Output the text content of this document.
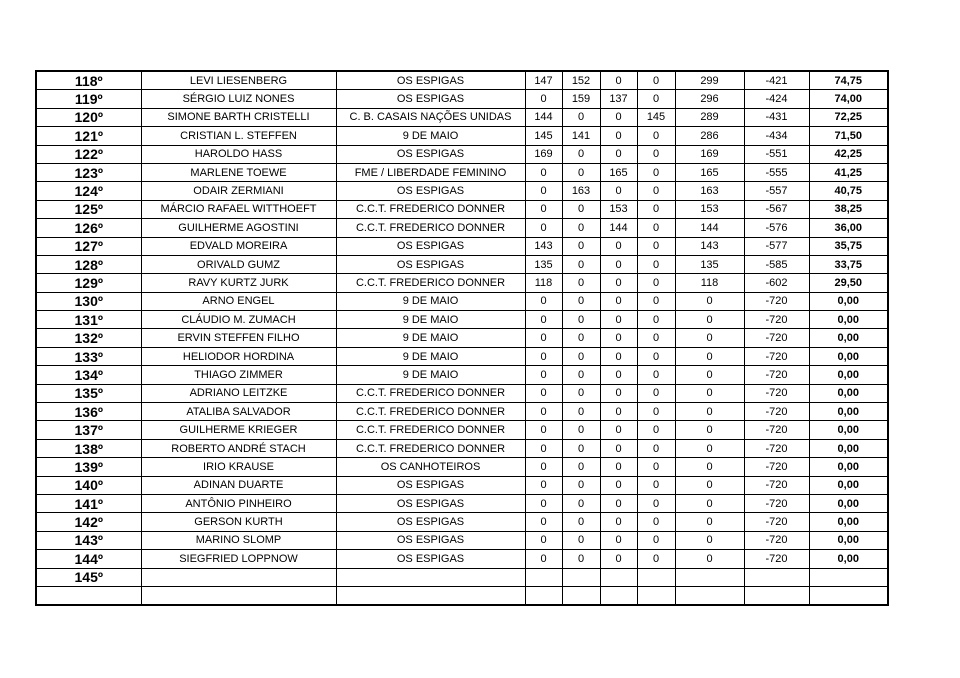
118º	LEVI LIESENBERG	OS ESPIGAS	147	152	0	0	299	-421	74,75
119º	SÉRGIO LUIZ NONES	OS ESPIGAS	0	159	137	0	296	-424	74,00
120º	SIMONE BARTH CRISTELLI	C. B. CASAIS NAÇÕES UNIDAS	144	0	0	145	289	-431	72,25
121º	CRISTIAN L. STEFFEN	9 DE MAIO	145	141	0	0	286	-434	71,50
122º	HAROLDO HASS	OS ESPIGAS	169	0	0	0	169	-551	42,25
123º	MARLENE TOEWE	FME / LIBERDADE FEMININO	0	0	165	0	165	-555	41,25
124º	ODAIR ZERMIANI	OS ESPIGAS	0	163	0	0	163	-557	40,75
125º	MÁRCIO RAFAEL WITTHOEFT	C.C.T. FREDERICO DONNER	0	0	153	0	153	-567	38,25
126º	GUILHERME AGOSTINI	C.C.T. FREDERICO DONNER	0	0	144	0	144	-576	36,00
127º	EDVALD MOREIRA	OS ESPIGAS	143	0	0	0	143	-577	35,75
128º	ORIVALD GUMZ	OS ESPIGAS	135	0	0	0	135	-585	33,75
129º	RAVY KURTZ JURK	C.C.T. FREDERICO DONNER	118	0	0	0	118	-602	29,50
130º	ARNO ENGEL	9 DE MAIO	0	0	0	0	0	-720	0,00
131º	CLÁUDIO M. ZUMACH	9 DE MAIO	0	0	0	0	0	-720	0,00
132º	ERVIN STEFFEN FILHO	9 DE MAIO	0	0	0	0	0	-720	0,00
133º	HELIODOR HORDINA	9 DE MAIO	0	0	0	0	0	-720	0,00
134º	THIAGO ZIMMER	9 DE MAIO	0	0	0	0	0	-720	0,00
135º	ADRIANO LEITZKE	C.C.T. FREDERICO DONNER	0	0	0	0	0	-720	0,00
136º	ATALIBA SALVADOR	C.C.T. FREDERICO DONNER	0	0	0	0	0	-720	0,00
137º	GUILHERME KRIEGER	C.C.T. FREDERICO DONNER	0	0	0	0	0	-720	0,00
138º	ROBERTO ANDRÉ STACH	C.C.T. FREDERICO DONNER	0	0	0	0	0	-720	0,00
139º	IRIO KRAUSE	OS CANHOTEIROS	0	0	0	0	0	-720	0,00
140º	ADINAN DUARTE	OS ESPIGAS	0	0	0	0	0	-720	0,00
141º	ANTÔNIO PINHEIRO	OS ESPIGAS	0	0	0	0	0	-720	0,00
142º	GERSON KURTH	OS ESPIGAS	0	0	0	0	0	-720	0,00
143º	MARINO SLOMP	OS ESPIGAS	0	0	0	0	0	-720	0,00
144º	SIEGFRIED LOPPNOW	OS ESPIGAS	0	0	0	0	0	-720	0,00
145º									
